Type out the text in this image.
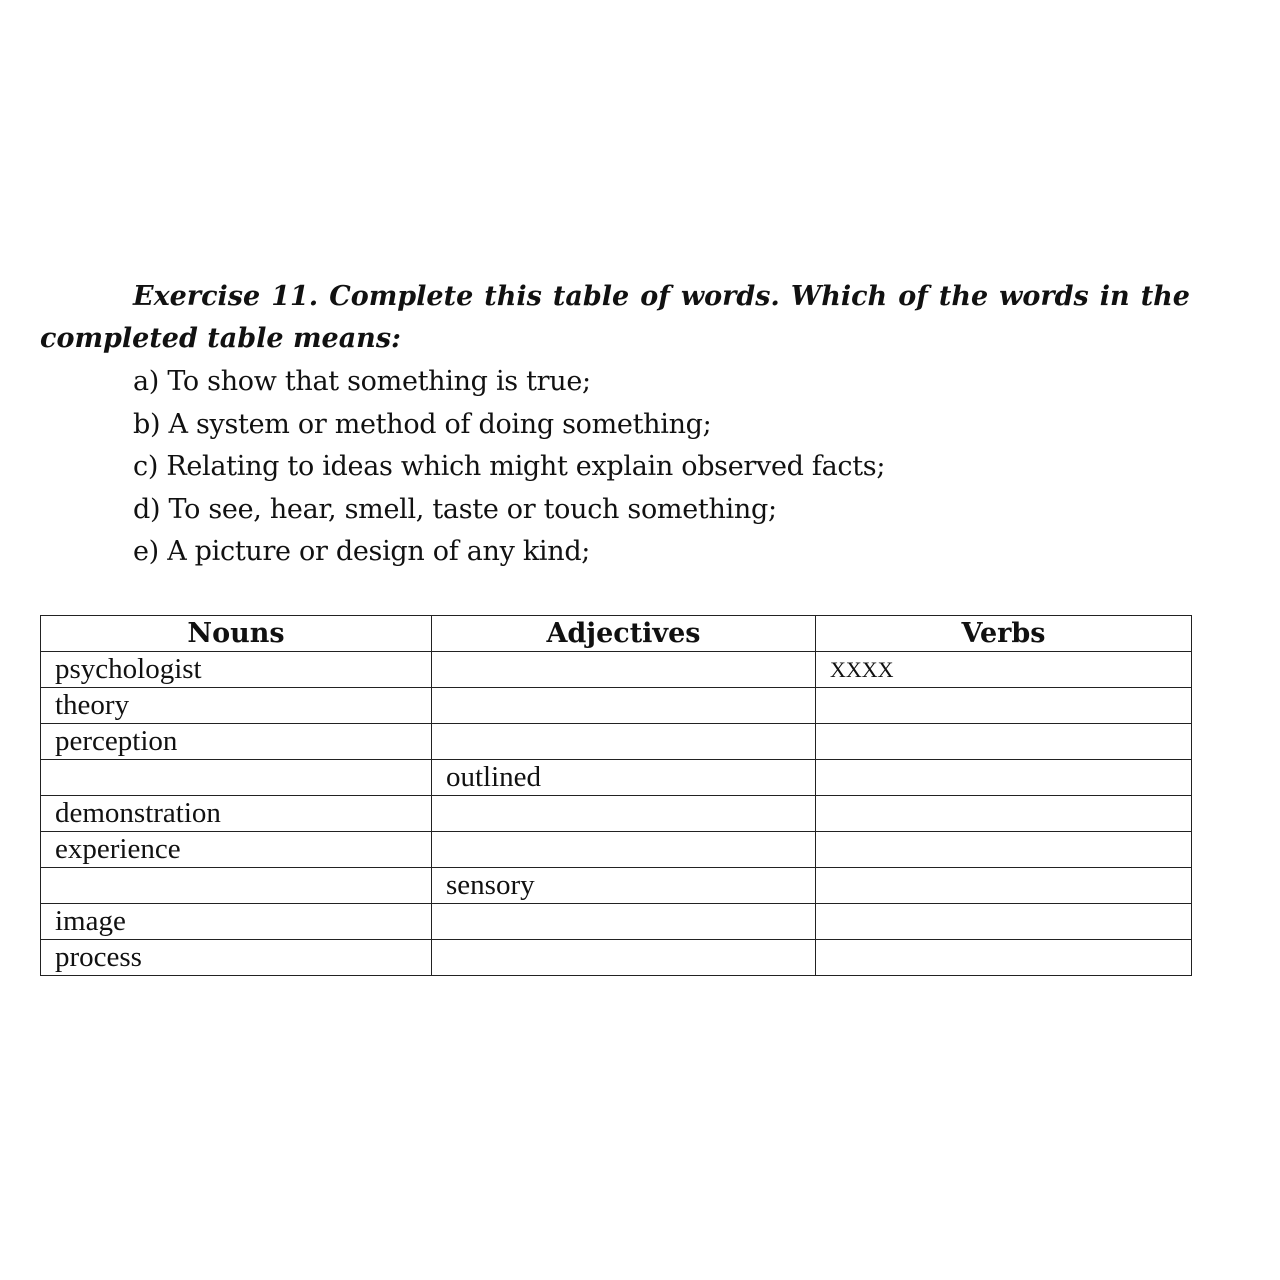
Exercise 11. Complete this table of words. Which of the words in the
completed table means:
a) To show that something is true;
b) A system or method of doing something;
c) Relating to ideas which might explain observed facts;
d) To see, hear, smell, taste or touch something;
e) A picture or design of any kind;
Nouns	Adjectives	Verbs
psychologist		XXXX
theory		
perception		
	outlined	
demonstration		
experience		
	sensory	
image		
process		
